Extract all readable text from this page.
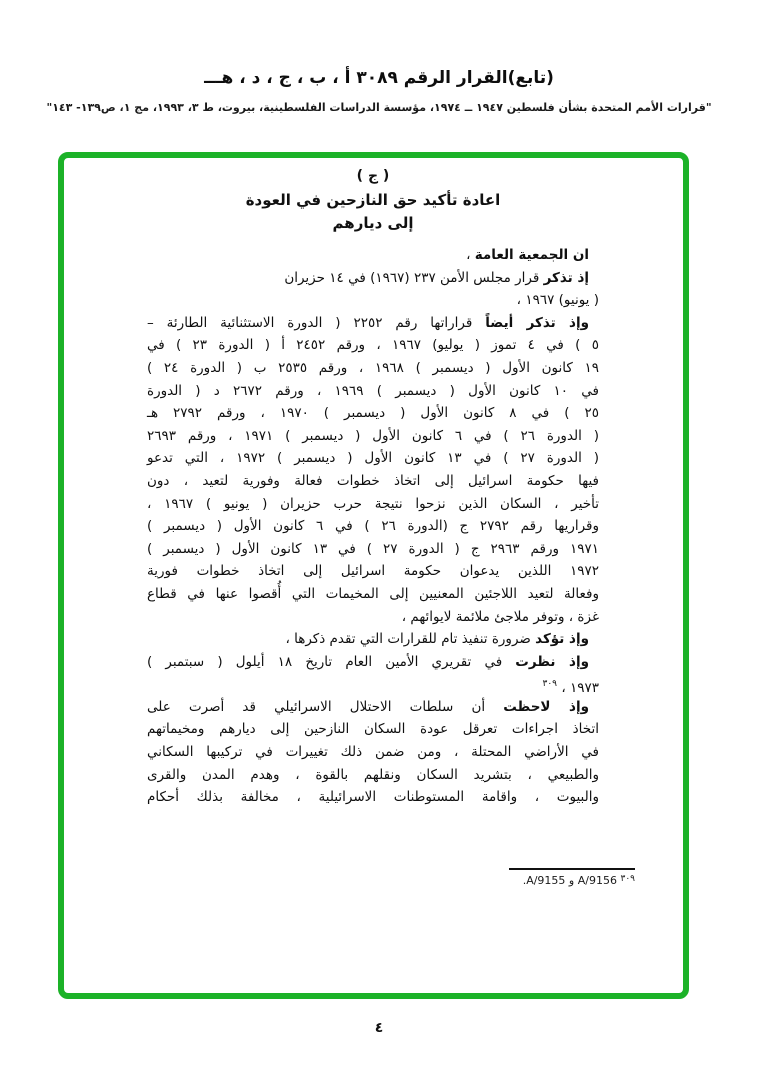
(تابع)القرار الرقم ٣٠٨٩ أ ، ب ، ج ، د ، هـــ
"قرارات الأمم المتحدة بشأن فلسطين ١٩٤٧ ــ ١٩٧٤، مؤسسة الدراسات الفلسطينية، بيروت، ط ٣، ١٩٩٣، مج ١، ص١٣٩- ١٤٣"
( ج )
اعادة تأكيد حق النازحين في العودة
إلى ديارهم
ان الجمعية العامة ،
إذ تذكر قرار مجلس الأمن ٢٣٧ (١٩٦٧) في ١٤ حزيران
( يونيو) ١٩٦٧ ،
وإذ تذكر أيضاً قراراتها رقم ٢٢٥٢ ( الدورة الاستثنائية الطارئة –
٥ ) في ٤ تموز ( يوليو) ١٩٦٧ ، ورقم ٢٤٥٢ أ ( الدورة ٢٣ ) في
١٩ كانون الأول ( ديسمبر ) ١٩٦٨ ، ورقم ٢٥٣٥ ب ( الدورة ٢٤ )
في ١٠ كانون الأول ( ديسمبر ) ١٩٦٩ ، ورقم ٢٦٧٢ د ( الدورة
٢٥ ) في ٨ كانون الأول ( ديسمبر ) ١٩٧٠ ، ورقم ٢٧٩٢ هـ
( الدورة ٢٦ ) في ٦ كانون الأول ( ديسمبر ) ١٩٧١ ، ورقم ٢٦٩٣
( الدورة ٢٧ ) في ١٣ كانون الأول ( ديسمبر ) ١٩٧٢ ، التي تدعو
فيها حكومة اسرائيل إلى اتخاذ خطوات فعالة وفورية لتعيد ، دون
تأخير ، السكان الذين نزحوا نتيجة حرب حزيران ( يونيو ) ١٩٦٧ ،
وقراريها رقم ٢٧٩٢ ج (الدورة ٢٦ ) في ٦ كانون الأول ( ديسمبر )
١٩٧١ ورقم ٢٩٦٣ ج ( الدورة ٢٧ ) في ١٣ كانون الأول ( ديسمبر )
١٩٧٢ اللذين يدعوان حكومة اسرائيل إلى اتخاذ خطوات فورية
وفعالة لتعيد اللاجئين المعنيين إلى المخيمات التي أُقصوا عنها في قطاع
غزة ، وتوفر ملاجئ ملائمة لايوائهم ،
وإذ تؤكد ضرورة تنفيذ تام للقرارات التي تقدم ذكرها ،
وإذ نظرت في تقريري الأمين العام تاريخ ١٨ أيلول ( سبتمبر )
١٩٧٣ ، $^{٣٠٩}$
وإذ لاحظت أن سلطات الاحتلال الاسرائيلي قد أصرت على
اتخاذ اجراءات تعرقل عودة السكان النازحين إلى ديارهم ومخيماتهم
في الأراضي المحتلة ، ومن ضمن ذلك تغييرات في تركيبها السكاني
والطبيعي ، بتشريد السكان ونقلهم بالقوة ، وهدم المدن والقرى
والبيوت ، واقامة المستوطنات الاسرائيلية ، مخالفة بذلك أحكام
$^{٣٠٩}$ A/9156 و A/9155.
٤
